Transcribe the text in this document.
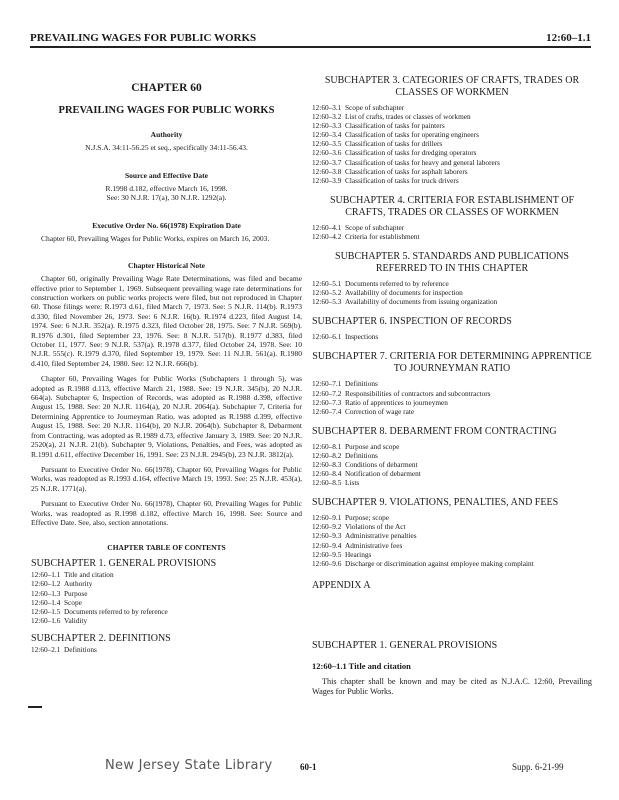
PREVAILING WAGES FOR PUBLIC WORKS	12:60–1.1
CHAPTER 60
PREVAILING WAGES FOR PUBLIC WORKS
Authority
N.J.S.A. 34:11-56.25 et seq., specifically 34:11-56.43.
Source and Effective Date
R.1998 d.182, effective March 16, 1998.
See: 30 N.J.R. 17(a), 30 N.J.R. 1292(a).
Executive Order No. 66(1978) Expiration Date

Chapter 60, Prevailing Wages for Public Works, expires on March 16, 2003.

Chapter Historical Note

Chapter 60, originally Prevailing Wage Rate Determinations, was filed and became effective prior to September 1, 1969. Subsequent prevailing wage rate determinations for construction workers on public works projects were filed, but not reproduced in Chapter 60. Those filings were: R.1973 d.61, filed March 7, 1973. See: 5 N.J.R. 114(b). R.1973 d.330, filed November 26, 1973. See: 6 N.J.R. 16(b). R.1974 d.223, filed August 14, 1974. See: 6 N.J.R. 352(a). R.1975 d.323, filed October 28, 1975. See: 7 N.J.R. 569(b). R.1976 d.301, filed September 23, 1976. See: 8 N.J.R. 517(b). R.1977 d.383, filed October 11, 1977. See: 9 N.J.R. 537(a). R.1978 d.377, filed October 24, 1978. See: 10 N.J.R. 555(c). R.1979 d.370, filed September 19, 1979. See: 11 N.J.R. 561(a). R.1980 d.410, filed September 24, 1980. See: 12 N.J.R. 666(b).

Chapter 60, Prevailing Wages for Public Works (Subchapters 1 through 5), was adopted as R.1988 d.113, effective March 21, 1988. See: 19 N.J.R. 345(b), 20 N.J.R. 664(a). Subchapter 6, Inspection of Records, was adopted as R.1988 d.398, effective August 15, 1988. See: 20 N.J.R. 1164(a), 20 N.J.R. 2064(a). Subchapter 7, Criteria for Determining Apprentice to Journeyman Ratio, was adopted as R.1988 d.399, effective August 15, 1988. See: 20 N.J.R. 1164(b), 20 N.J.R. 2064(b). Subchapter 8, Debarment from Contracting, was adopted as R.1989 d.73, effective January 3, 1989. See: 20 N.J.R. 2520(a), 21 N.J.R. 21(b). Subchapter 9, Violations, Penalties, and Fees, was adopted as R.1991 d.611, effective December 16, 1991. See: 23 N.J.R. 2945(b), 23 N.J.R. 3812(a).

Pursuant to Executive Order No. 66(1978), Chapter 60, Prevailing Wages for Public Works, was readopted as R.1993 d.164, effective March 19, 1993. See: 25 N.J.R. 453(a), 25 N.J.R. 1771(a).

Pursuant to Executive Order No. 66(1978), Chapter 60, Prevailing Wages for Public Works, was readopted as R.1998 d.182, effective March 16, 1998. See: Source and Effective Date. See, also, section annotations.

CHAPTER TABLE OF CONTENTS
SUBCHAPTER 1. GENERAL PROVISIONS
12:60–1.1 Title and citation
12:60–1.2 Authority
12:60–1.3 Purpose
12:60–1.4 Scope
12:60–1.5 Documents referred to by reference
12:60–1.6 Validity
SUBCHAPTER 2. DEFINITIONS
12:60–2.1 Definitions
SUBCHAPTER 3. CATEGORIES OF CRAFTS, TRADES OR CLASSES OF WORKMEN
12:60–3.1 Scope of subchapter
12:60–3.2 List of crafts, trades or classes of workmen
12:60–3.3 Classification of tasks for painters
12:60–3.4 Classification of tasks for operating engineers
12:60–3.5 Classification of tasks for drillers
12:60–3.6 Classification of tasks for dredging operators
12:60–3.7 Classification of tasks for heavy and general laborers
12:60–3.8 Classification of tasks for asphalt laborers
12:60–3.9 Classification of tasks for truck drivers
SUBCHAPTER 4. CRITERIA FOR ESTABLISHMENT OF CRAFTS, TRADES OR CLASSES OF WORKMEN
12:60–4.1 Scope of subchapter
12:60–4.2 Criteria for establishment
SUBCHAPTER 5. STANDARDS AND PUBLICATIONS REFERRED TO IN THIS CHAPTER
12:60–5.1 Documents referred to by reference
12:60–5.2 Availability of documents for inspection
12:60–5.3 Availability of documents from issuing organization
SUBCHAPTER 6. INSPECTION OF RECORDS
12:60–6.1 Inspections
SUBCHAPTER 7. CRITERIA FOR DETERMINING APPRENTICE TO JOURNEYMAN RATIO
12:60–7.1 Definitions
12:60–7.2 Responsibilities of contractors and subcontractors
12:60–7.3 Ratio of apprentices to journeymen
12:60–7.4 Correction of wage rate
SUBCHAPTER 8. DEBARMENT FROM CONTRACTING
12:60–8.1 Purpose and scope
12:60–8.2 Definitions
12:60–8.3 Conditions of debarment
12:60–8.4 Notification of debarment
12:60–8.5 Lists
SUBCHAPTER 9. VIOLATIONS, PENALTIES, AND FEES
12:60–9.1 Purpose; scope
12:60–9.2 Violations of the Act
12:60–9.3 Administrative penalties
12:60–9.4 Administrative fees
12:60–9.5 Hearings
12:60–9.6 Discharge or discrimination against employee making complaint
APPENDIX A
SUBCHAPTER 1. GENERAL PROVISIONS
12:60–1.1 Title and citation

This chapter shall be known and may be cited as N.J.A.C. 12:60, Prevailing Wages for Public Works.

New Jersey State Library	60-1	Supp. 6-21-99
